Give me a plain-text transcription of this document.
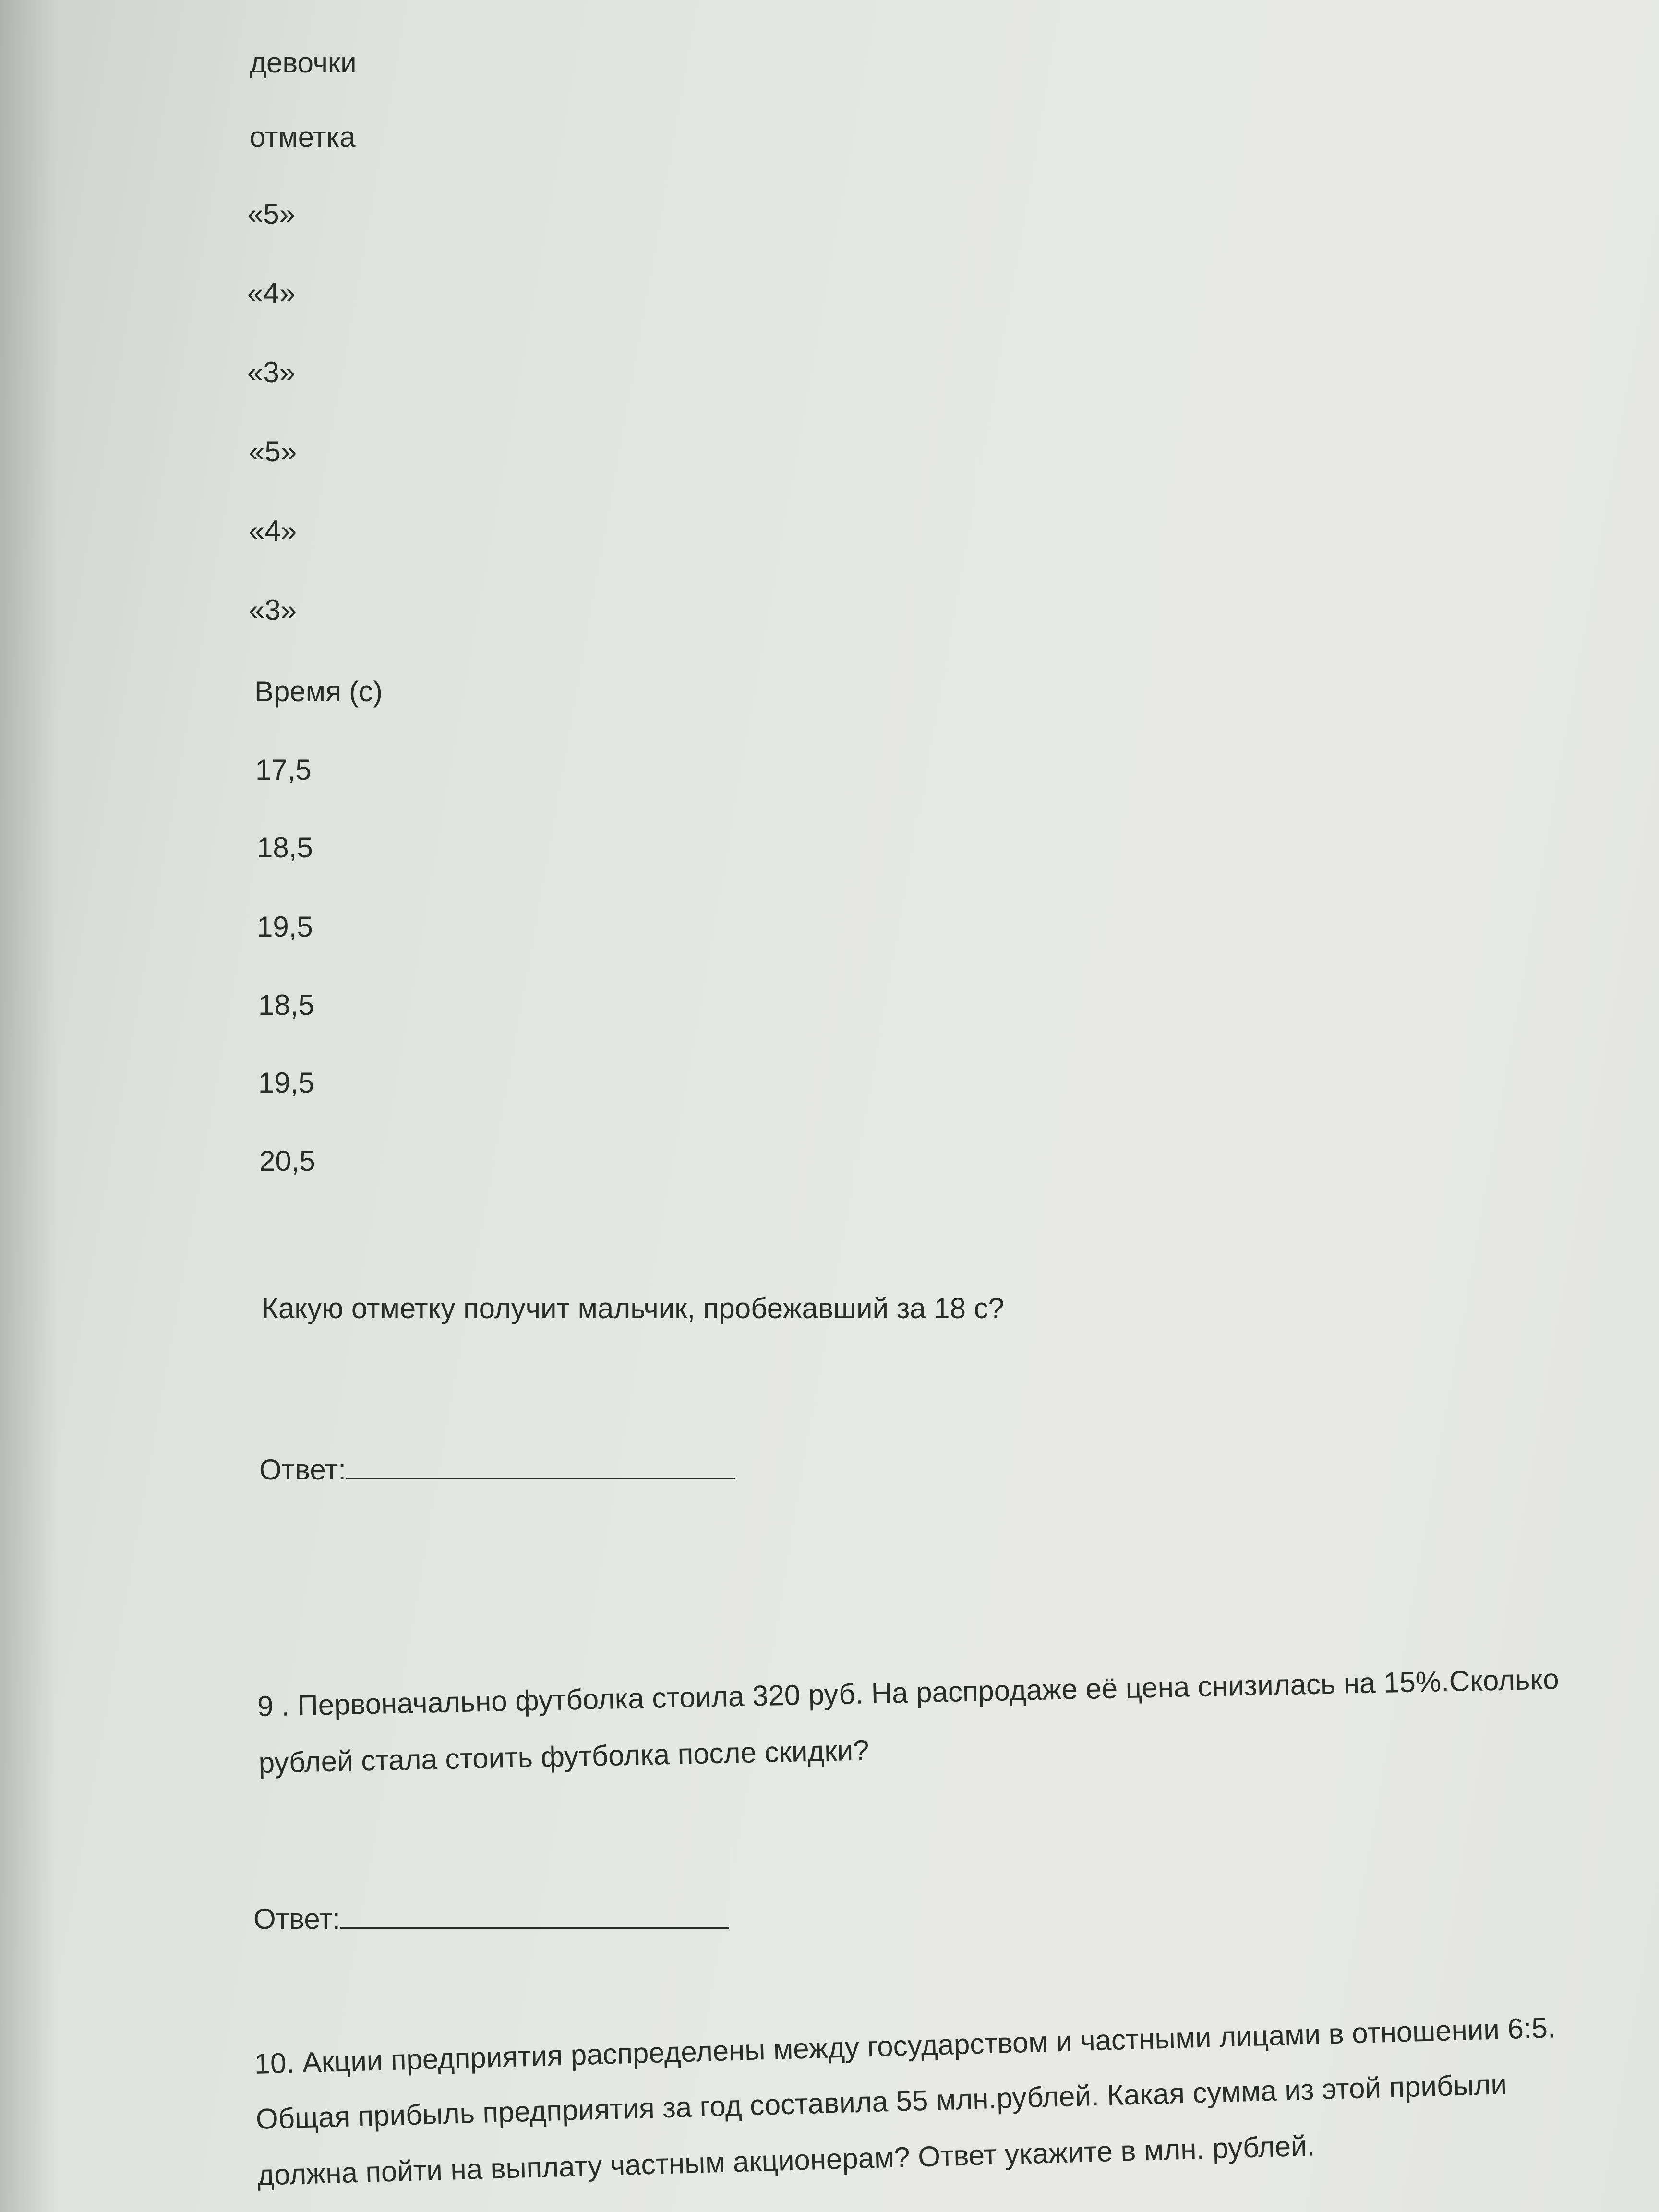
девочки

отметка

«5»

«4»

«3»

«5»

«4»

«3»

Время (с)

17,5

18,5

19,5

18,5

19,5

20,5

Какую отметку получит мальчик, пробежавший за 18 с?

Ответ:

9 . Первоначально футболка стоила 320 руб. На распродаже её цена снизилась на 15%.Сколько

рублей стала стоить футболка после скидки?

Ответ:

10. Акции предприятия распределены между государством и частными лицами в отношении 6:5.

Общая прибыль предприятия за год составила 55 млн.рублей. Какая сумма из этой прибыли

должна пойти на выплату частным акционерам? Ответ укажите в млн. рублей.
